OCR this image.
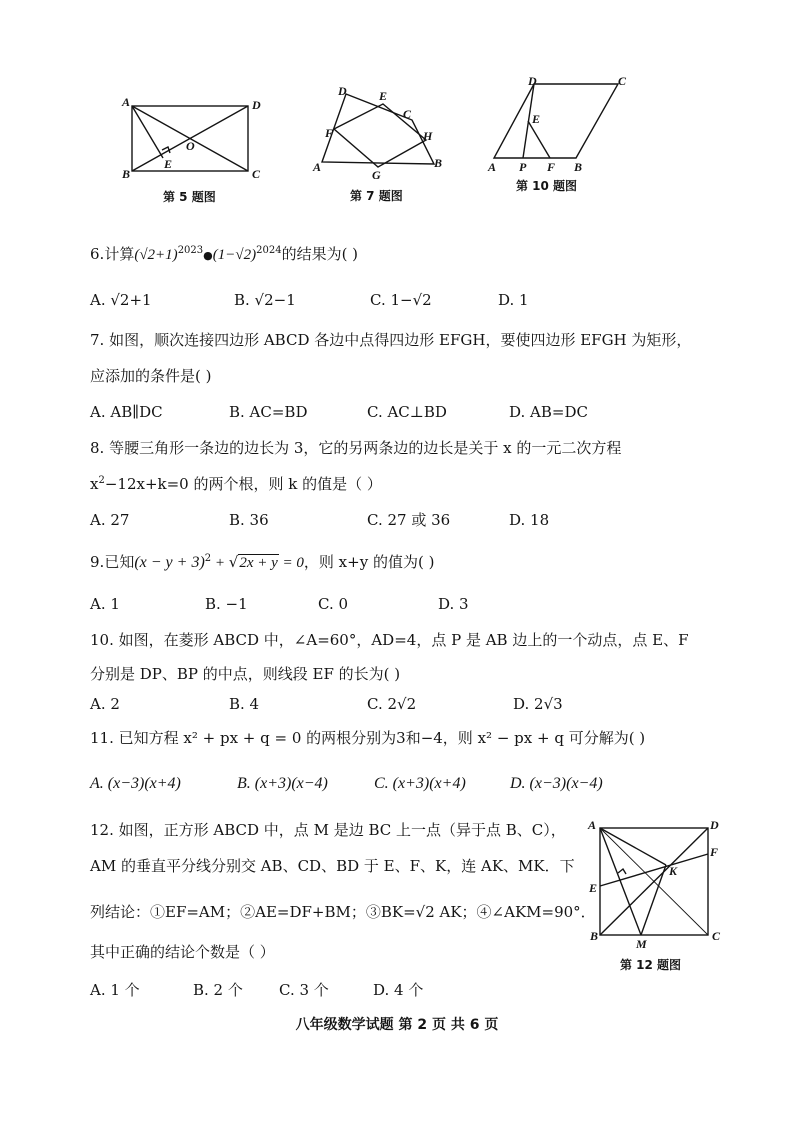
A	D
B	C
E
O
第 5 题图
D	E
C
F	H
A
G
B
第 7 题图
D	C
E
A P F B
第 10 题图
6.计算$(√2+1)^{2023}●(1-√2)^{2024}$的结果为( )
A. √2+1	B. √2−1	C. 1−√2	D. 1
7. 如图，顺次连接四边形 ABCD 各边中点得四边形 EFGH，要使四边形 EFGH 为矩形，
应添加的条件是( )
A. AB∥DC	B. AC=BD	C. AC⊥BD	D. AB=DC
8. 等腰三角形一条边的边长为 3，它的另两条边的边长是关于 x 的一元二次方程
$x^2-12x+k=0$ 的两个根，则 k 的值是（ ）
A. 27	B. 36	C. 27 或 36	D. 18
9.已知$(x - y + 3)^2 + √2x + y = 0$，则 x+y 的值为( )
A. 1	B. −1	C. 0	D. 3
10. 如图，在菱形 ABCD 中，∠A=60°，AD=4，点 P 是 AB 边上的一个动点，点 E、F
分别是 DP、BP 的中点，则线段 EF 的长为( )
A. 2	B. 4	C. 2√2	D. 2√3
11. 已知方程 x² + px + q = 0 的两根分别为3和−4，则 x² − px + q 可分解为( )
A. (x−3)(x+4)	B. (x+3)(x−4)	C. (x+3)(x+4)	D. (x−3)(x−4)
12. 如图，正方形 ABCD 中，点 M 是边 BC 上一点（异于点 B、C），
AM 的垂直平分线分别交 AB、CD、BD 于 E、F、K，连 AK、MK．下
列结论：①EF=AM；②AE=DF+BM；③BK=√2 AK；④∠AKM=90°．
其中正确的结论个数是（ ）
A. 1 个	B. 2 个 C. 3 个	D. 4 个
A	D
F
K
E
B
M
C
第 12 题图
八年级数学试题 第 2 页 共 6 页
